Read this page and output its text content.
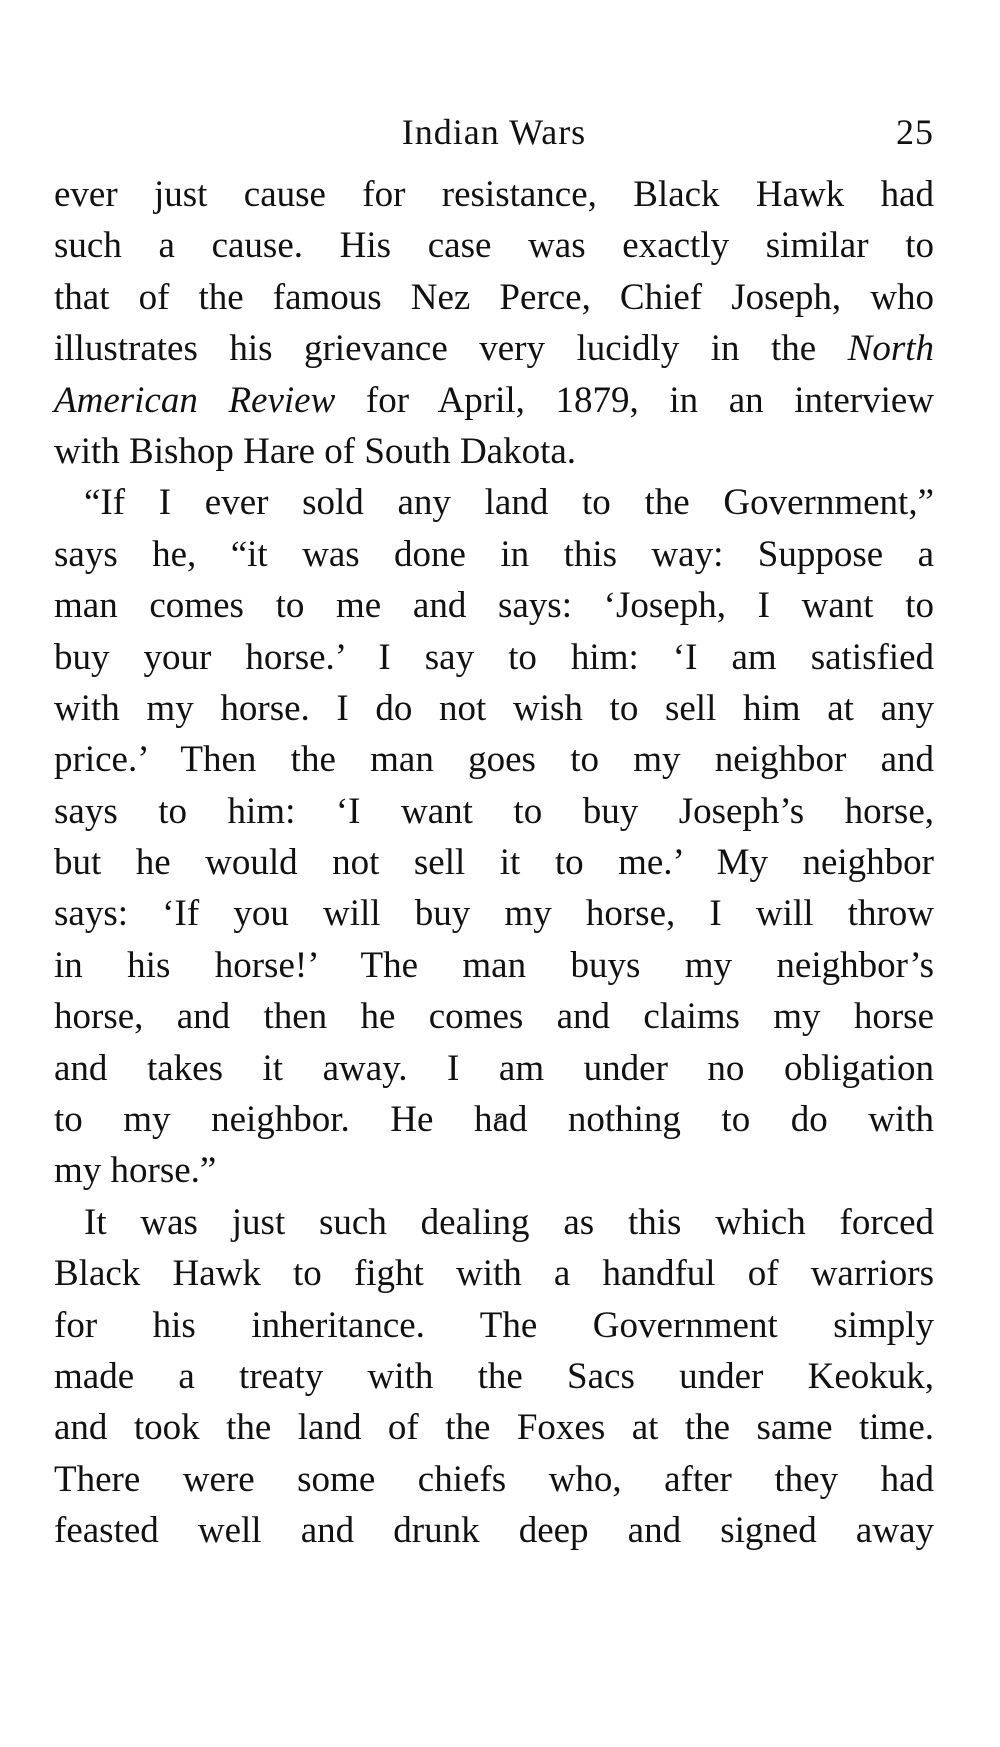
Indian Wars	25
ever just cause for resistance, Black Hawk had
such a cause. His case was exactly similar to
that of the famous Nez Perce, Chief Joseph, who
illustrates his grievance very lucidly in the North
American Review for April, 1879, in an interview
with Bishop Hare of South Dakota.
“If I ever sold any land to the Government,”
says he, “it was done in this way: Suppose a
man comes to me and says: ‘Joseph, I want to
buy your horse.’ I say to him: ‘I am satisfied
with my horse. I do not wish to sell him at any
price.’ Then the man goes to my neighbor and
says to him: ‘I want to buy Joseph’s horse,
but he would not sell it to me.’ My neighbor
says: ‘If you will buy my horse, I will throw
in his horse!’ The man buys my neighbor’s
horse, and then he comes and claims my horse
and takes it away. I am under no obligation
to my neighbor. He had nothing to do with
my horse.”
It was just such dealing as this which forced
Black Hawk to fight with a handful of warriors
for his inheritance. The Government simply
made a treaty with the Sacs under Keokuk,
and took the land of the Foxes at the same time.
There were some chiefs who, after they had
feasted well and drunk deep and signed away
